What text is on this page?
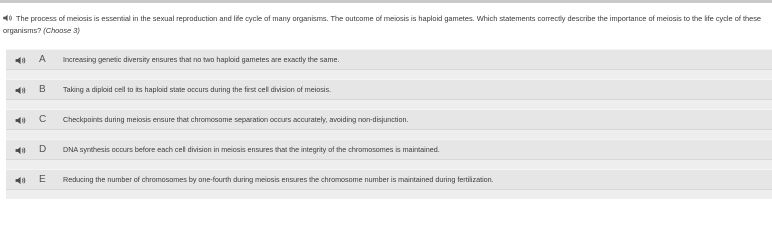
The process of meiosis is essential in the sexual reproduction and life cycle of many organisms. The outcome of meiosis is haploid gametes. Which statements correctly describe the importance of meiosis to the life cycle of these organisms? (Choose 3)
A Increasing genetic diversity ensures that no two haploid gametes are exactly the same.
B Taking a diploid cell to its haploid state occurs during the first cell division of meiosis.
C Checkpoints during meiosis ensure that chromosome separation occurs accurately, avoiding non-disjunction.
D DNA synthesis occurs before each cell division in meiosis ensures that the integrity of the chromosomes is maintained.
E Reducing the number of chromosomes by one-fourth during meiosis ensures the chromosome number is maintained during fertilization.
